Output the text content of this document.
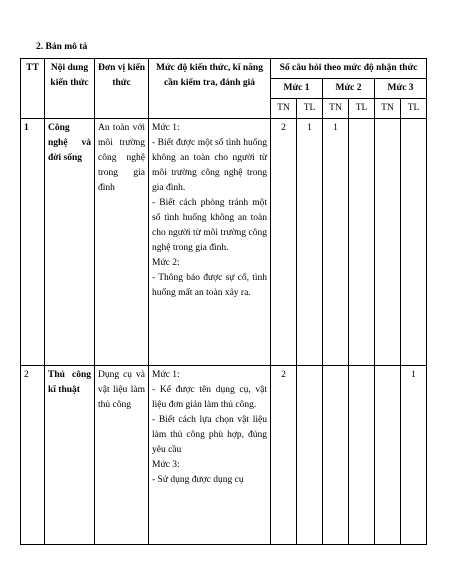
2. Bản mô tả
TT	Nội dung kiến thức	Đơn vị kiến thức	Mức độ kiến thức, kĩ năng cần kiểm tra, đánh giá	Số câu hỏi theo mức độ nhận thức					
				Mức 1		Mức 2		Mức 3	
				TN	TL	TN	TL	TN	TL
1	Công nghệ và đời sống	An toàn với môi trường công nghệ trong gia đình	Mức 1:
- Biết được một số tình huống không an toàn cho người từ môi trường công nghệ trong gia đình.
- Biết cách phòng tránh một số tình huống không an toàn cho người từ môi trường công nghệ trong gia đình.
Mức 2:
- Thông báo được sự cố, tình huống mất an toàn xảy ra.	2	1	1			
2	Thủ công kĩ thuật	Dụng cụ và vật liệu làm thủ công	Mức 1:
- Kể được tên dụng cụ, vật liệu đơn giản làm thủ công.
- Biết cách lựa chọn vật liệu làm thủ công phù hợp, đúng yêu cầu
Mức 3:
- Sử dụng được dụng cụ	2					1
